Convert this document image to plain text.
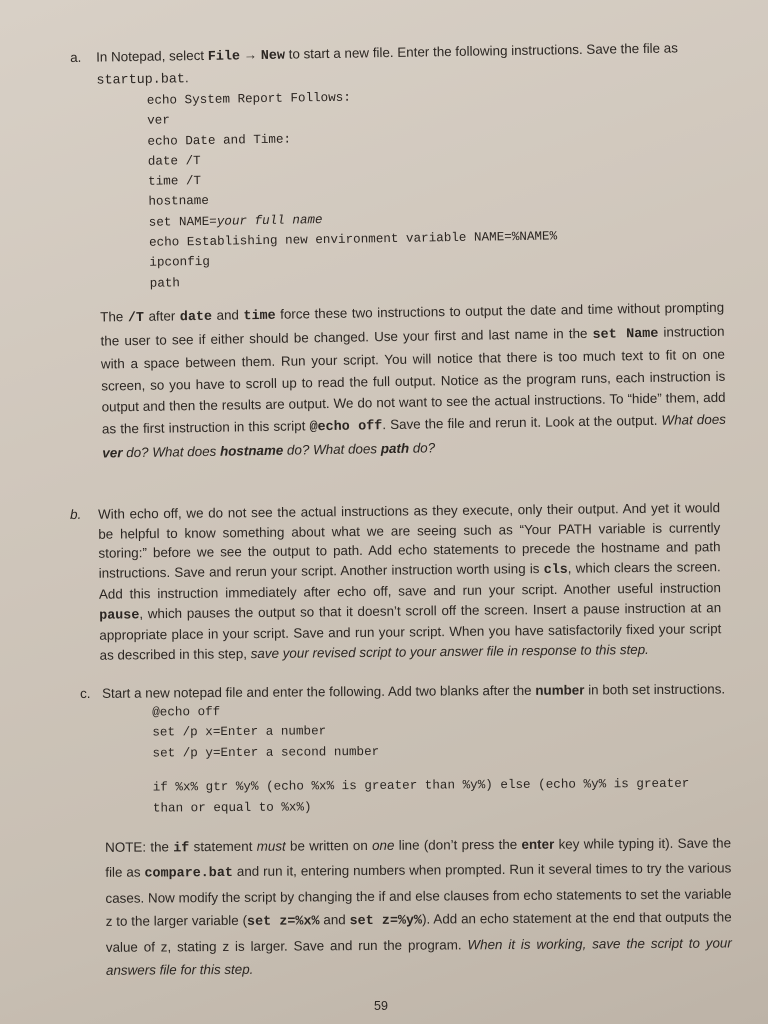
a. In Notepad, select File → New to start a new file. Enter the following instructions. Save the file as startup.bat.
echo System Report Follows:
ver
echo Date and Time:
date /T
time /T
hostname
set NAME=your full name
echo Establishing new environment variable NAME=%NAME%
ipconfig
path
The /T after date and time force these two instructions to output the date and time without prompting the user to see if either should be changed. Use your first and last name in the set Name instruction with a space between them. Run your script. You will notice that there is too much text to fit on one screen, so you have to scroll up to read the full output. Notice as the program runs, each instruction is output and then the results are output. We do not want to see the actual instructions. To “hide” them, add as the first instruction in this script @echo off. Save the file and rerun it. Look at the output. What does ver do? What does hostname do? What does path do?
b. With echo off, we do not see the actual instructions as they execute, only their output. And yet it would be helpful to know something about what we are seeing such as “Your PATH variable is currently storing:” before we see the output to path. Add echo statements to precede the hostname and path instructions. Save and rerun your script. Another instruction worth using is cls, which clears the screen. Add this instruction immediately after echo off, save and run your script. Another useful instruction pause, which pauses the output so that it doesn’t scroll off the screen. Insert a pause instruction at an appropriate place in your script. Save and run your script. When you have satisfactorily fixed your script as described in this step, save your revised script to your answer file in response to this step.
c. Start a new notepad file and enter the following. Add two blanks after the number in both set instructions.
@echo off
set /p x=Enter a number
set /p y=Enter a second number
if %x% gtr %y% (echo %x% is greater than %y%) else (echo %y% is greater than or equal to %x%)
NOTE: the if statement must be written on one line (don’t press the enter key while typing it). Save the file as compare.bat and run it, entering numbers when prompted. Run it several times to try the various cases. Now modify the script by changing the if and else clauses from echo statements to set the variable z to the larger variable (set z=%x% and set z=%y%). Add an echo statement at the end that outputs the value of z, stating z is larger. Save and run the program. When it is working, save the script to your answers file for this step.
59
